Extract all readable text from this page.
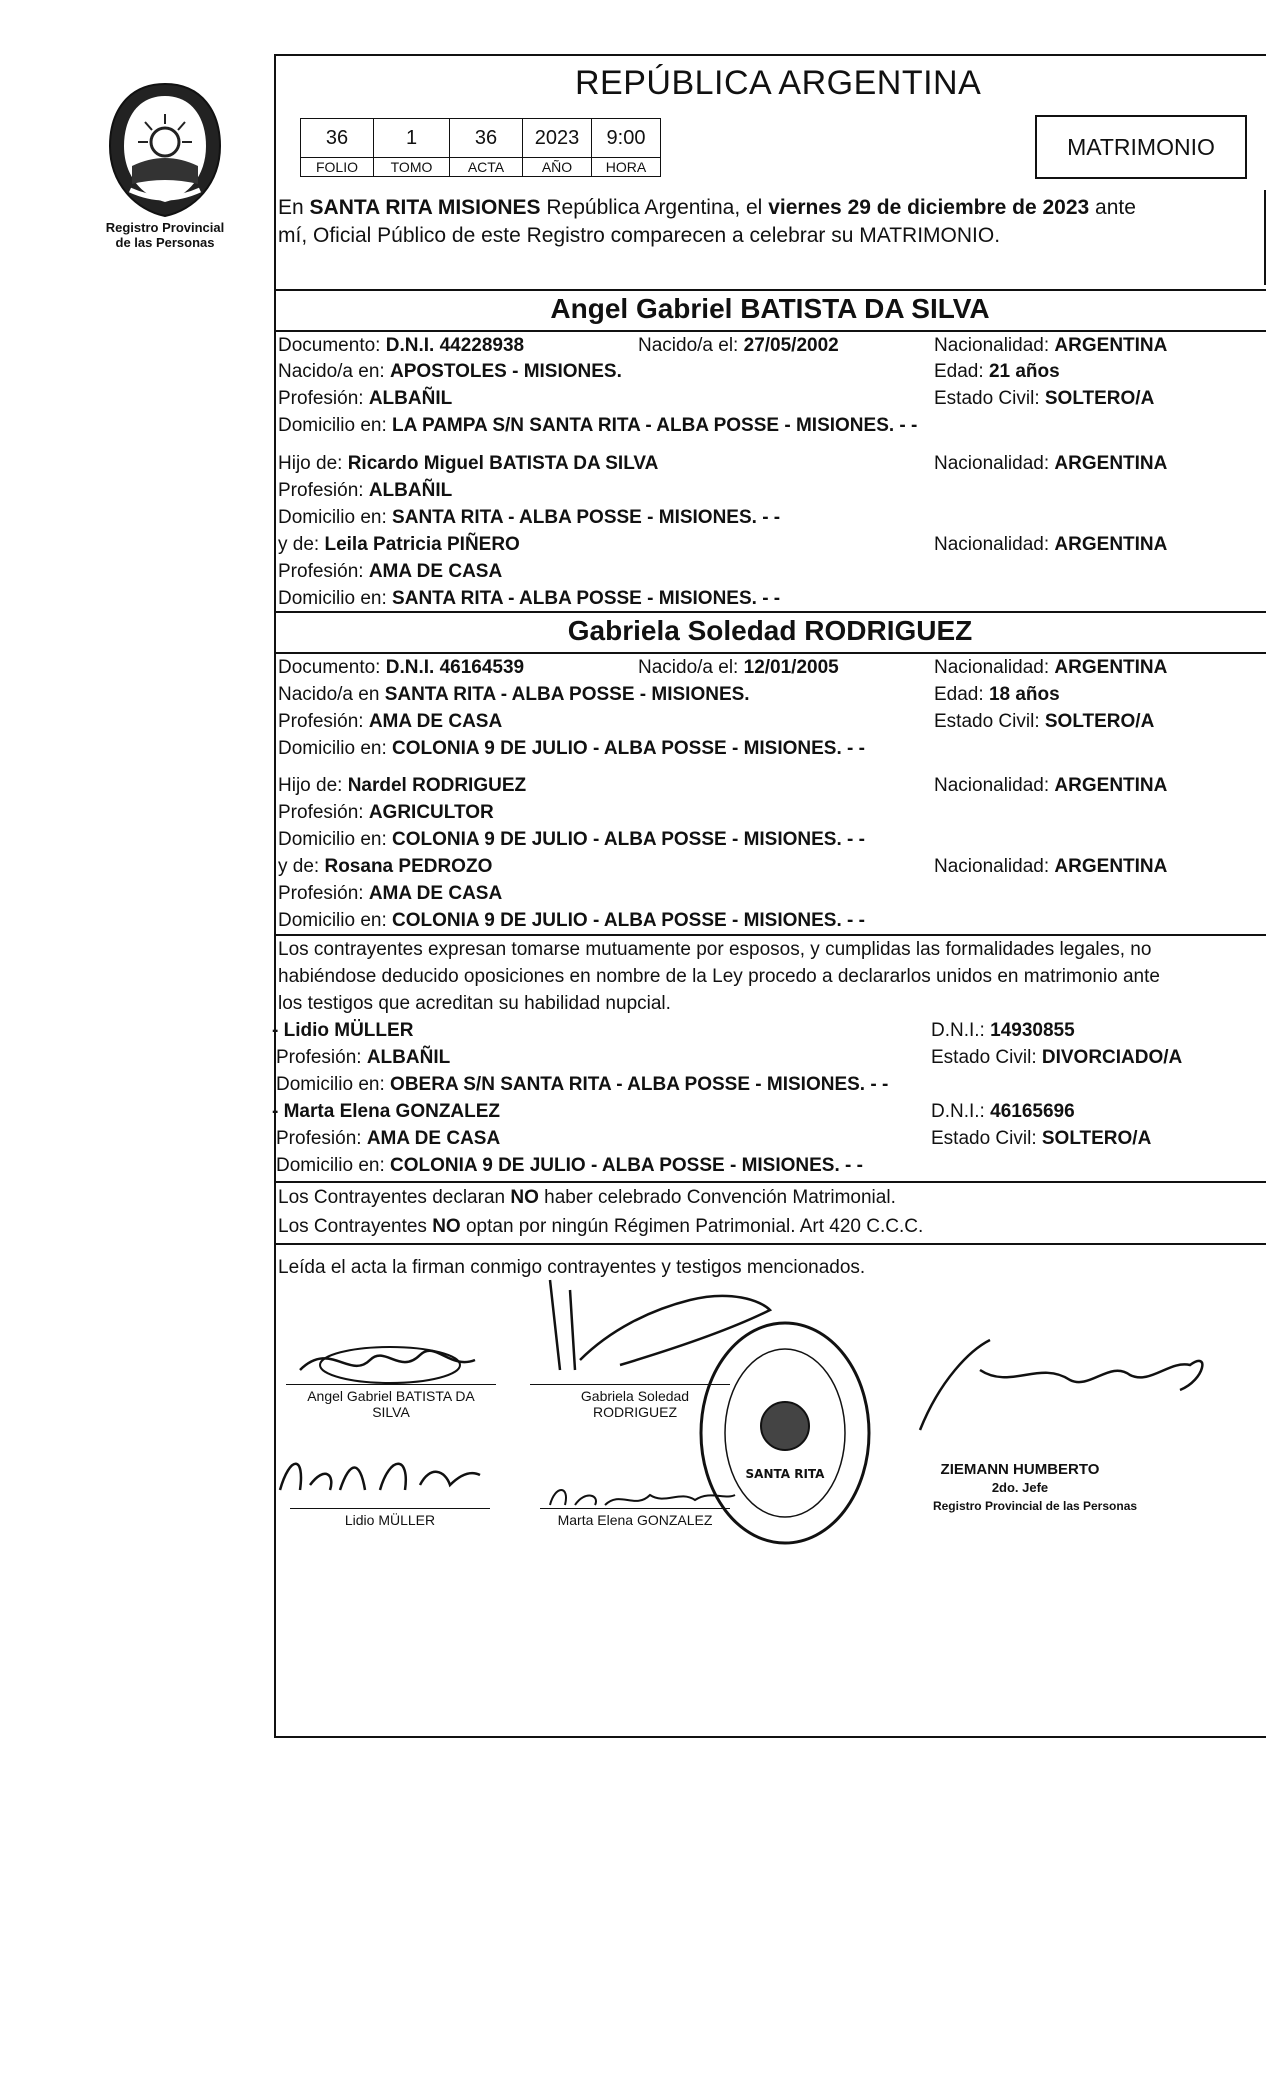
Registro Provincial
de las Personas
REPÚBLICA ARGENTINA
36	1	36	2023	9:00
FOLIO	TOMO	ACTA	AÑO	HORA
MATRIMONIO
En SANTA RITA MISIONES República Argentina, el viernes 29 de diciembre de 2023 ante
mí, Oficial Público de este Registro comparecen a celebrar su MATRIMONIO.
Angel Gabriel BATISTA DA SILVA
Documento: D.N.I. 44228938	Nacido/a el: 27/05/2002	Nacionalidad: ARGENTINA
Nacido/a en: APOSTOLES - MISIONES.	Edad: 21 años
Profesión: ALBAÑIL	Estado Civil: SOLTERO/A
Domicilio en: LA PAMPA S/N SANTA RITA - ALBA POSSE - MISIONES. - -
Hijo de: Ricardo Miguel BATISTA DA SILVA	Nacionalidad: ARGENTINA
Profesión: ALBAÑIL
Domicilio en: SANTA RITA - ALBA POSSE - MISIONES. - -
y de: Leila Patricia PIÑERO	Nacionalidad: ARGENTINA
Profesión: AMA DE CASA
Domicilio en: SANTA RITA - ALBA POSSE - MISIONES. - -
Gabriela Soledad RODRIGUEZ
Documento: D.N.I. 46164539	Nacido/a el: 12/01/2005	Nacionalidad: ARGENTINA
Nacido/a en SANTA RITA - ALBA POSSE - MISIONES.	Edad: 18 años
Profesión: AMA DE CASA	Estado Civil: SOLTERO/A
Domicilio en: COLONIA 9 DE JULIO - ALBA POSSE - MISIONES. - -
Hijo de: Nardel RODRIGUEZ	Nacionalidad: ARGENTINA
Profesión: AGRICULTOR
Domicilio en: COLONIA 9 DE JULIO - ALBA POSSE - MISIONES. - -
y de: Rosana PEDROZO	Nacionalidad: ARGENTINA
Profesión: AMA DE CASA
Domicilio en: COLONIA 9 DE JULIO - ALBA POSSE - MISIONES. - -
Los contrayentes expresan tomarse mutuamente por esposos, y cumplidas las formalidades legales, no
habiéndose deducido oposiciones en nombre de la Ley procedo a declararlos unidos en matrimonio ante
los testigos que acreditan su habilidad nupcial.
- Lidio MÜLLER	D.N.I.: 14930855
Profesión: ALBAÑIL	Estado Civil: DIVORCIADO/A
Domicilio en: OBERA S/N SANTA RITA - ALBA POSSE - MISIONES. - -
- Marta Elena GONZALEZ	D.N.I.: 46165696
Profesión: AMA DE CASA	Estado Civil: SOLTERO/A
Domicilio en: COLONIA 9 DE JULIO - ALBA POSSE - MISIONES. - -
Los Contrayentes declaran NO haber celebrado Convención Matrimonial.
Los Contrayentes NO optan por ningún Régimen Patrimonial. Art 420 C.C.C.
Leída el acta la firman conmigo contrayentes y testigos mencionados.
Angel Gabriel BATISTA DA
SILVA
Gabriela Soledad
RODRIGUEZ
Lidio MÜLLER	Marta Elena GONZALEZ
SANTA RITA	ZIEMANN HUMBERTO
2do. Jefe
Registro Provincial de las Personas
